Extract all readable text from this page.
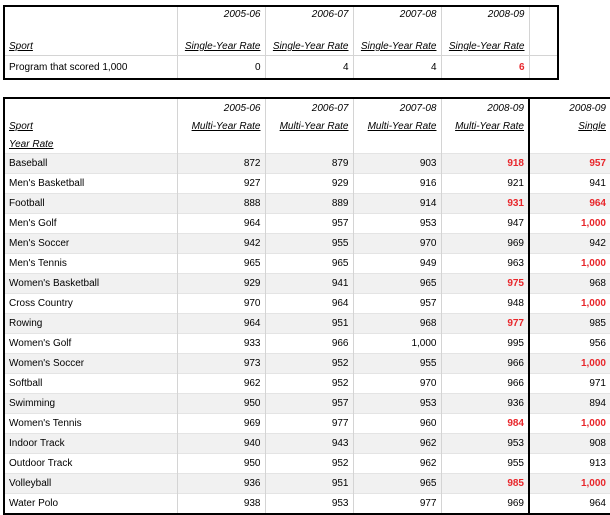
	2005-06	2006-07	2007-08	2008-09	
Sport	Single-Year Rate	Single-Year Rate	Single-Year Rate	Single-Year Rate	
Program that scored 1,000	0	4	4	6	
	2005-06	2006-07	2007-08	2008-09	2008-09
Sport	Multi-Year Rate	Multi-Year Rate	Multi-Year Rate	Multi-Year Rate	Single
Year Rate					
Baseball	872	879	903	918	957
Men's Basketball	927	929	916	921	941
Football	888	889	914	931	964
Men's Golf	964	957	953	947	1,000
Men's Soccer	942	955	970	969	942
Men's Tennis	965	965	949	963	1,000
Women's Basketball	929	941	965	975	968
Cross Country	970	964	957	948	1,000
Rowing	964	951	968	977	985
Women's Golf	933	966	1,000	995	956
Women's Soccer	973	952	955	966	1,000
Softball	962	952	970	966	971
Swimming	950	957	953	936	894
Women's Tennis	969	977	960	984	1,000
Indoor Track	940	943	962	953	908
Outdoor Track	950	952	962	955	913
Volleyball	936	951	965	985	1,000
Water Polo	938	953	977	969	964
